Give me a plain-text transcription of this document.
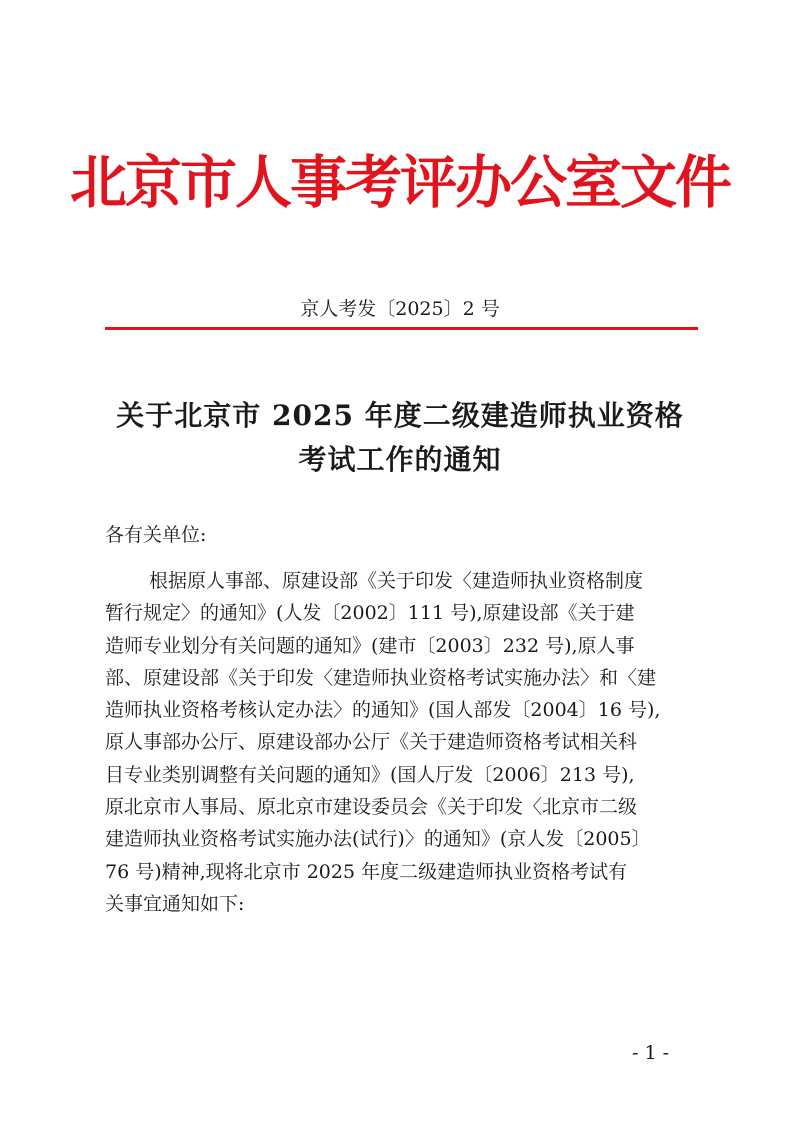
北京市人事考评办公室文件
京人考发〔2025〕2 号
关于北京市 2025 年度二级建造师执业资格
考试工作的通知
各有关单位:
根据原人事部、原建设部《关于印发〈建造师执业资格制度
暂行规定〉的通知》(人发〔2002〕111 号),原建设部《关于建
造师专业划分有关问题的通知》(建市〔2003〕232 号),原人事
部、原建设部《关于印发〈建造师执业资格考试实施办法〉和〈建
造师执业资格考核认定办法〉的通知》(国人部发〔2004〕16 号),
原人事部办公厅、原建设部办公厅《关于建造师资格考试相关科
目专业类别调整有关问题的通知》(国人厅发〔2006〕213 号),
原北京市人事局、原北京市建设委员会《关于印发〈北京市二级
建造师执业资格考试实施办法(试行)〉的通知》(京人发〔2005〕
76 号)精神,现将北京市 2025 年度二级建造师执业资格考试有
关事宜通知如下:
- 1 -
